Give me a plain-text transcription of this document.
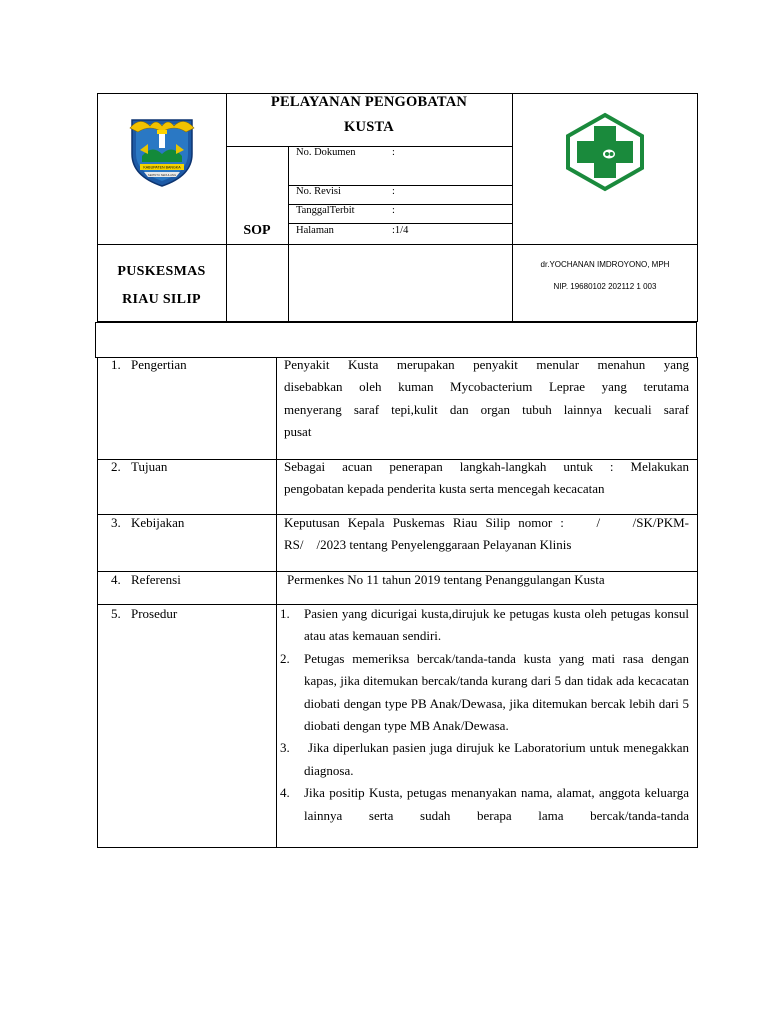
KABUPATEN BANGKA
SEPINTU SEDULANG
PELAYANAN PENGOBATAN
KUSTA
SOP
No. Dokumen	:
No. Revisi	:
TanggalTerbit	:
Halaman	:1/4
PUSKESMAS
RIAU SILIP
dr.YOCHANAN IMDROYONO, MPH
NIP. 19680102 202112 1 003
1. Pengertian	Penyakit Kusta merupakan penyakit menular menahun yang
disebabkan oleh kuman Mycobacterium Leprae yang terutama
menyerang saraf tepi,kulit dan organ tubuh lainnya kecuali saraf
pusat
2. Tujuan	Sebagai acuan penerapan langkah-langkah untuk : Melakukan
pengobatan kepada penderita kusta serta mencegah kecacatan
3. Kebijakan	Keputusan Kepala Puskemas Riau Silip nomor :    /    /SK/PKM-
RS/    /2023 tentang Penyelenggaraan Pelayanan Klinis
4. Referensi	Permenkes No 11 tahun 2019 tentang Penanggulangan Kusta
5. Prosedur	1. Pasien yang dicurigai kusta,dirujuk ke petugas kusta oleh petugas konsul atau atas kemauan sendiri.
2. Petugas memeriksa bercak/tanda-tanda kusta yang mati rasa dengan kapas, jika ditemukan bercak/tanda kurang dari 5 dan tidak ada kecacatan diobati dengan type PB Anak/Dewasa, jika ditemukan bercak lebih dari 5 diobati dengan type MB Anak/Dewasa.
3. Jika diperlukan pasien juga dirujuk ke Laboratorium untuk menegakkan diagnosa.
4. Jika positip Kusta, petugas menanyakan nama, alamat, anggota keluarga lainnya serta sudah berapa lama bercak/tanda-tanda
